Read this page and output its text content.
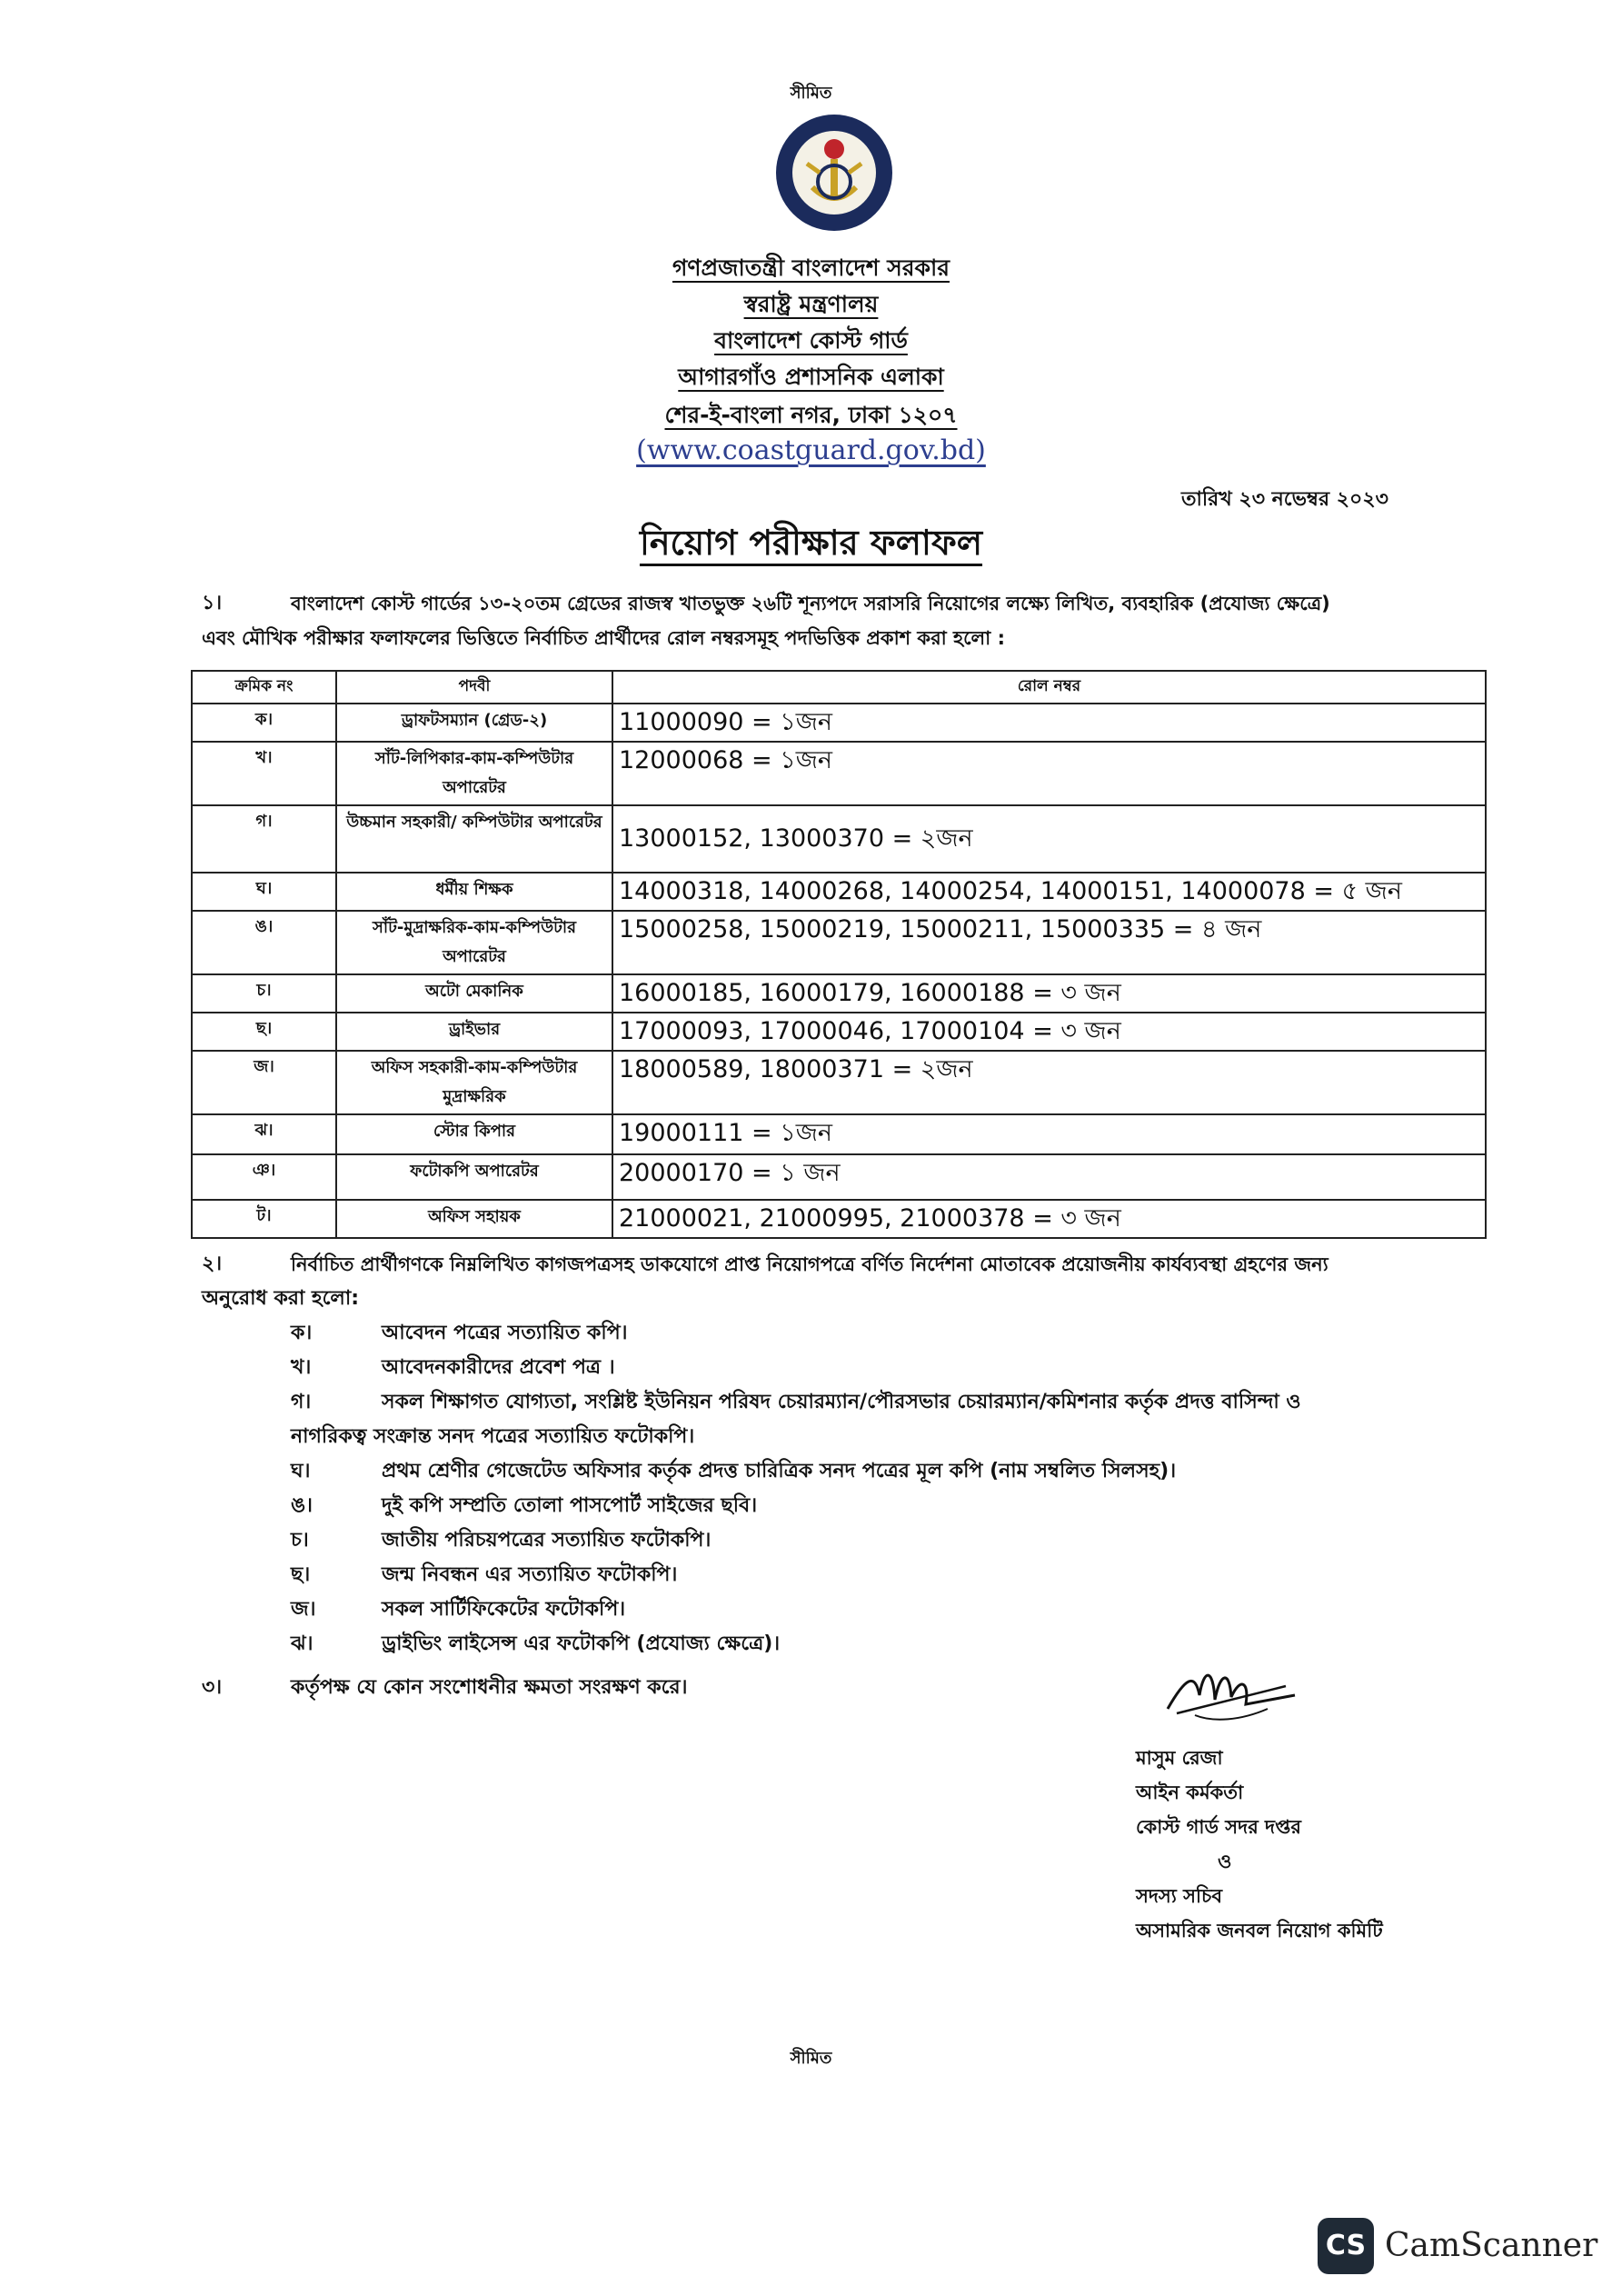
সীমিত
গণপ্রজাতন্ত্রী বাংলাদেশ সরকার
স্বরাষ্ট্র মন্ত্রণালয়
বাংলাদেশ কোস্ট গার্ড
আগারগাঁও প্রশাসনিক এলাকা
শের-ই-বাংলা নগর, ঢাকা ১২০৭
(www.coastguard.gov.bd)
তারিখ ২৩ নভেম্বর ২০২৩
নিয়োগ পরীক্ষার ফলাফল
১।	বাংলাদেশ কোস্ট গার্ডের ১৩-২০তম গ্রেডের রাজস্ব খাতভুক্ত ২৬টি শূন্যপদে সরাসরি নিয়োগের লক্ষ্যে লিখিত, ব্যবহারিক (প্রযোজ্য ক্ষেত্রে)
এবং মৌখিক পরীক্ষার ফলাফলের ভিত্তিতে নির্বাচিত প্রার্থীদের রোল নম্বরসমূহ পদভিত্তিক প্রকাশ করা হলো :
ক্রমিক নং	পদবী	রোল নম্বর
ক।	ড্রাফটসম্যান (গ্রেড-২)	11000090 = ১জন
খ।	সাঁট-লিপিকার-কাম-কম্পিউটার অপারেটর	12000068 = ১জন
গ।	উচ্চমান সহকারী/ কম্পিউটার অপারেটর	13000152, 13000370 = ২জন
ঘ।	ধর্মীয় শিক্ষক	14000318, 14000268, 14000254, 14000151, 14000078 = ৫ জন
ঙ।	সাঁট-মুদ্রাক্ষরিক-কাম-কম্পিউটার অপারেটর	15000258, 15000219, 15000211, 15000335 = ৪ জন
চ।	অটো মেকানিক	16000185, 16000179, 16000188 = ৩ জন
ছ।	ড্রাইভার	17000093, 17000046, 17000104 = ৩ জন
জ।	অফিস সহকারী-কাম-কম্পিউটার মুদ্রাক্ষরিক	18000589, 18000371 = ২জন
ঝ।	স্টোর কিপার	19000111 = ১জন
ঞ।	ফটোকপি অপারেটর	20000170 = ১ জন
ট।	অফিস সহায়ক	21000021, 21000995, 21000378 = ৩ জন
২।	নির্বাচিত প্রার্থীগণকে নিম্নলিখিত কাগজপত্রসহ ডাকযোগে প্রাপ্ত নিয়োগপত্রে বর্ণিত নির্দেশনা মোতাবেক প্রয়োজনীয় কার্যব্যবস্থা গ্রহণের জন্য
অনুরোধ করা হলো:
ক।	আবেদন পত্রের সত্যায়িত কপি।
খ।	আবেদনকারীদের প্রবেশ পত্র ।
গ।	সকল শিক্ষাগত যোগ্যতা, সংশ্লিষ্ট ইউনিয়ন পরিষদ চেয়ারম্যান/পৌরসভার চেয়ারম্যান/কমিশনার কর্তৃক প্রদত্ত বাসিন্দা ও
নাগরিকত্ব সংক্রান্ত সনদ পত্রের সত্যায়িত ফটোকপি।
ঘ।	প্রথম শ্রেণীর গেজেটেড অফিসার কর্তৃক প্রদত্ত চারিত্রিক সনদ পত্রের মূল কপি (নাম সম্বলিত সিলসহ)।
ঙ।	দুই কপি সম্প্রতি তোলা পাসপোর্ট সাইজের ছবি।
চ।	জাতীয় পরিচয়পত্রের সত্যায়িত ফটোকপি।
ছ।	জন্ম নিবন্ধন এর সত্যায়িত ফটোকপি।
জ।	সকল সার্টিফিকেটের ফটোকপি।
ঝ।	ড্রাইভিং লাইসেন্স এর ফটোকপি (প্রযোজ্য ক্ষেত্রে)।
৩।	কর্তৃপক্ষ যে কোন সংশোধনীর ক্ষমতা সংরক্ষণ করে।
মাসুম রেজা
আইন কর্মকর্তা
কোস্ট গার্ড সদর দপ্তর
ও
সদস্য সচিব
অসামরিক জনবল নিয়োগ কমিটি
সীমিত
CS CamScanner
